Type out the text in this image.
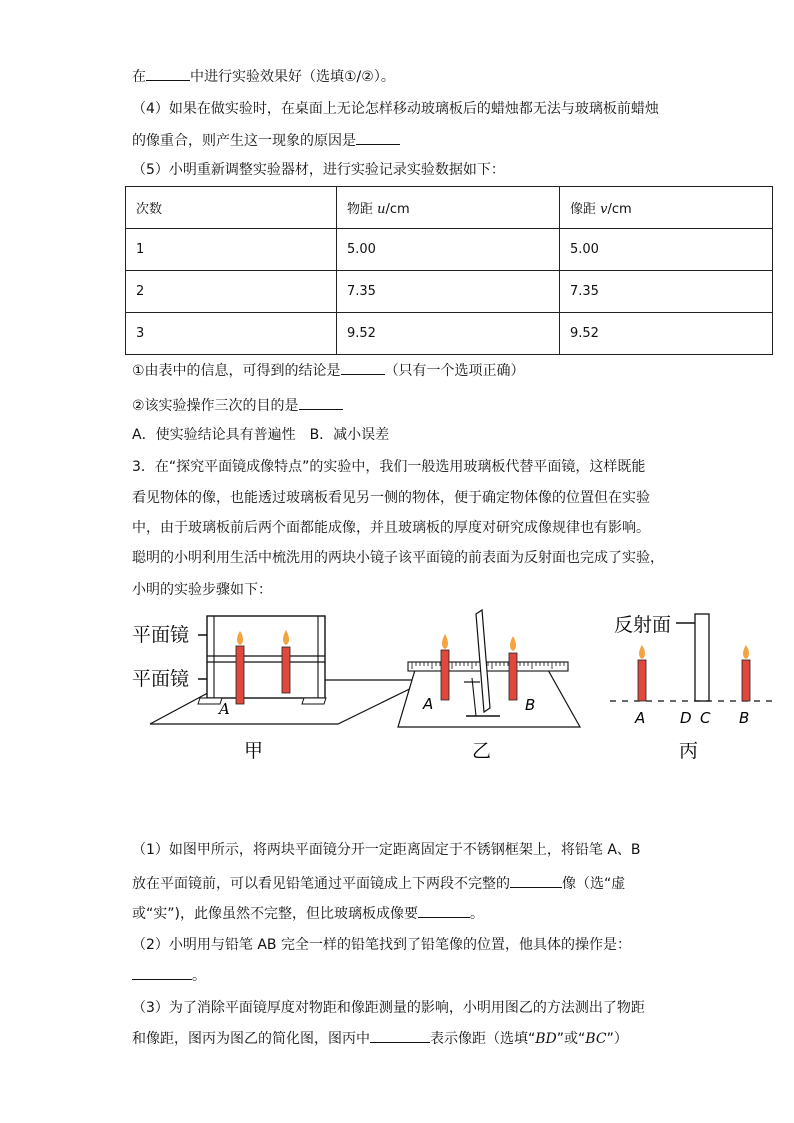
在	中进行实验效果好（选填①/②）。
（4）如果在做实验时，在桌面上无论怎样移动玻璃板后的蜡烛都无法与玻璃板前蜡烛
的像重合，则产生这一现象的原因是
（5）小明重新调整实验器材，进行实验记录实验数据如下：
次数	物距 u/cm	像距 v/cm
1	5.00	5.00
2	7.35	7.35
3	9.52	9.52
①由表中的信息，可得到的结论是	（只有一个选项正确）
②该实验操作三次的目的是
A．使实验结论具有普遍性　B．减小误差
3．在“探究平面镜成像特点”的实验中，我们一般选用玻璃板代替平面镜，这样既能
看见物体的像，也能透过玻璃板看见另一侧的物体，便于确定物体像的位置但在实验
中，由于玻璃板前后两个面都能成像，并且玻璃板的厚度对研究成像规律也有影响。
聪明的小明利用生活中梳洗用的两块小镜子该平面镜的前表面为反射面也完成了实验，
小明的实验步骤如下：
平面镜
平面镜
A
甲
A	B
乙
反射面
A D C B
丙
（1）如图甲所示，将两块平面镜分开一定距离固定于不锈钢框架上，将铅笔 A、B
放在平面镜前，可以看见铅笔通过平面镜成上下两段不完整的	像（选“虚
或“实”)，此像虽然不完整，但比玻璃板成像要	。
（2）小明用与铅笔 AB 完全一样的铅笔找到了铅笔像的位置，他具体的操作是：
。
（3）为了消除平面镜厚度对物距和像距测量的影响，小明用图乙的方法测出了物距
和像距，图丙为图乙的简化图，图丙中	表示像距（选填“BD”或“BC”）
